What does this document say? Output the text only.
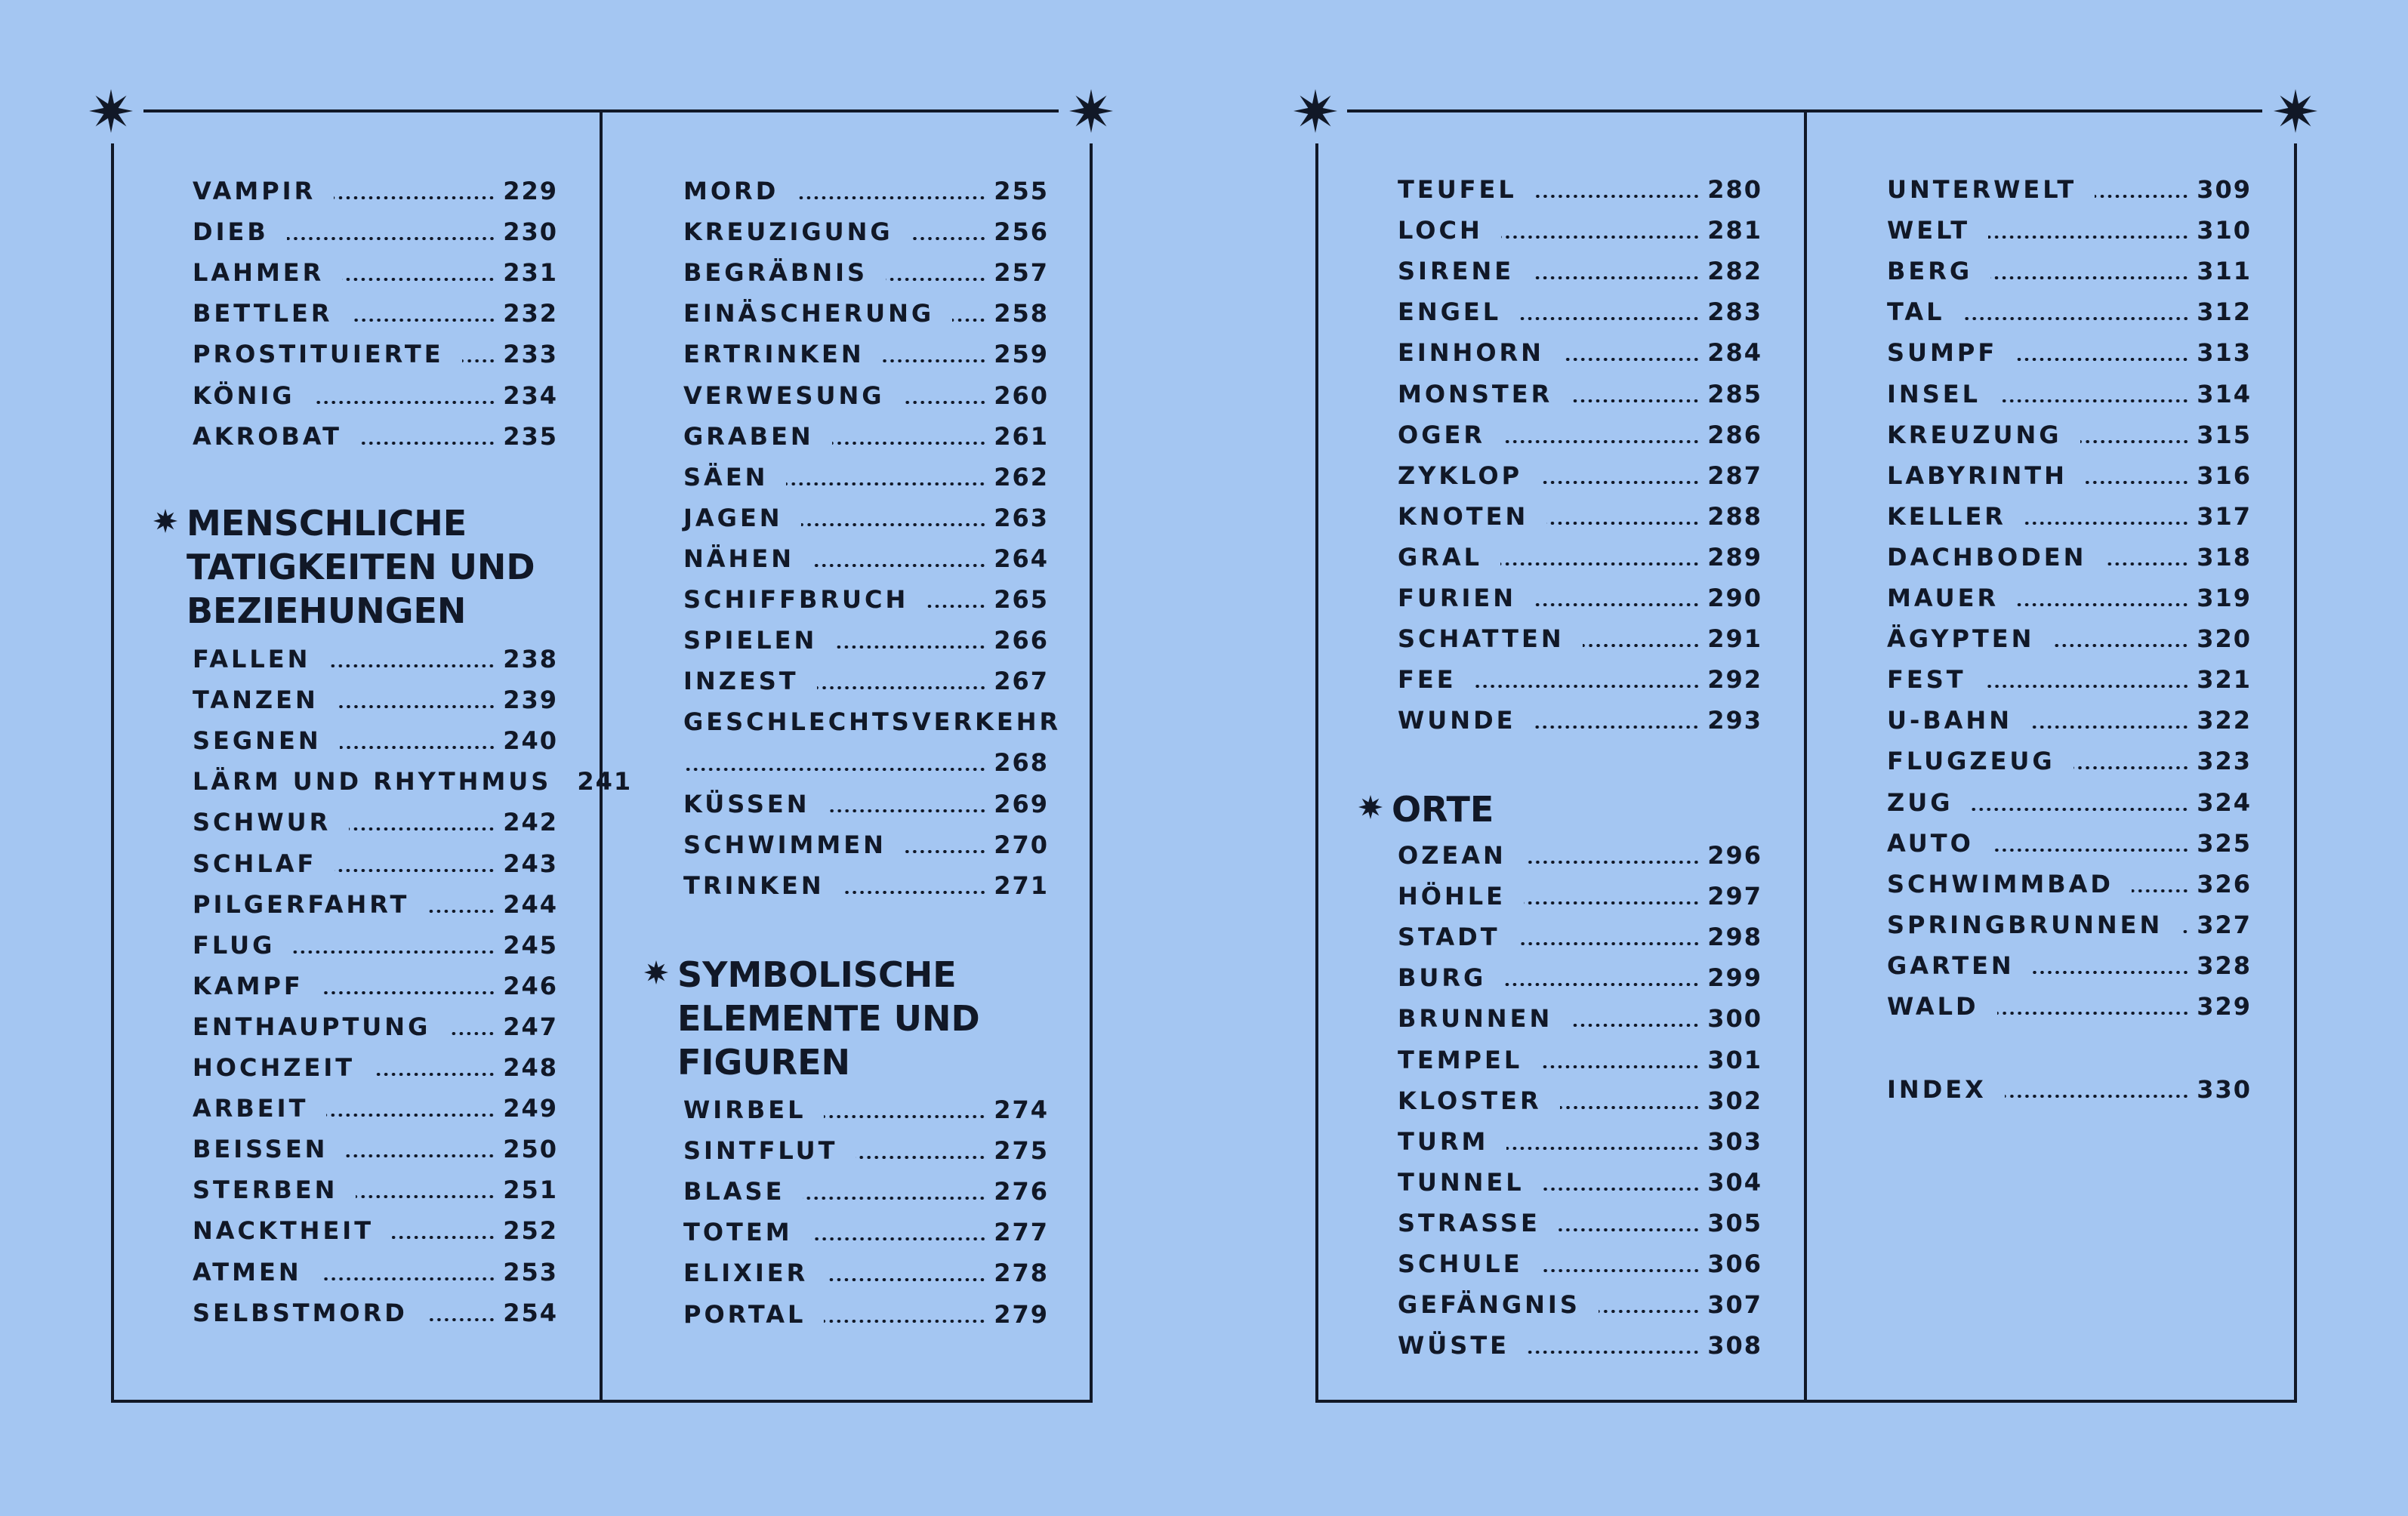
VAMPIR	229
DIEB	230
LAHMER	231
BETTLER	232
PROSTITUIERTE 233
KÖNIG	234
AKROBAT	235
MENSCHLICHE
TATIGKEITEN UND
BEZIEHUNGEN
FALLEN	238
TANZEN	239
SEGNEN	240
LÄRM UND RHYTHMUS 241
SCHWUR	242
SCHLAF	243
PILGERFAHRT	244
FLUG	245
KAMPF	246
ENTHAUPTUNG	247
HOCHZEIT	248
ARBEIT	249
BEISSEN	250
STERBEN	251
NACKTHEIT	252
ATMEN	253
SELBSTMORD	254
MORD	255
KREUZIGUNG	256
BEGRÄBNIS	257
EINÄSCHERUNG 258
ERTRINKEN	259
VERWESUNG	260
GRABEN	261
SÄEN	262
JAGEN	263
NÄHEN	264
SCHIFFBRUCH	265
SPIELEN	266
INZEST	267
GESCHLECHTSVERKEHR
268
KÜSSEN	269
SCHWIMMEN	270
TRINKEN	271
SYMBOLISCHE
ELEMENTE UND
FIGUREN
WIRBEL	274
SINTFLUT	275
BLASE	276
TOTEM	277
ELIXIER	278
PORTAL	279
TEUFEL	280
LOCH	281
SIRENE	282
ENGEL	283
EINHORN	284
MONSTER	285
OGER	286
ZYKLOP	287
KNOTEN	288
GRAL	289
FURIEN	290
SCHATTEN	291
FEE	292
WUNDE	293
ORTE
OZEAN	296
HÖHLE	297
STADT	298
BURG	299
BRUNNEN	300
TEMPEL	301
KLOSTER	302
TURM	303
TUNNEL	304
STRASSE	305
SCHULE	306
GEFÄNGNIS	307
WÜSTE	308
UNTERWELT	309
WELT	310
BERG	311
TAL	312
SUMPF	313
INSEL	314
KREUZUNG	315
LABYRINTH	316
KELLER	317
DACHBODEN	318
MAUER	319
ÄGYPTEN	320
FEST	321
U-BAHN	322
FLUGZEUG	323
ZUG	324
AUTO	325
SCHWIMMBAD	326
SPRINGBRUNNEN 327
GARTEN	328
WALD	329
INDEX	330
